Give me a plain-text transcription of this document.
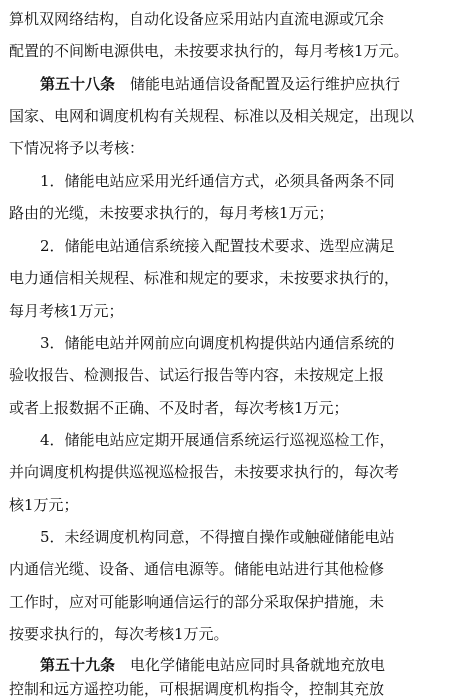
算机双网络结构，自动化设备应采用站内直流电源或冗余
配置的不间断电源供电，未按要求执行的，每月考核1万元。
第五十八条　 储能电站通信设备配置及运行维护应执行
国家、电网和调度机构有关规程、标准以及相关规定，出现以
下情况将予以考核：
1．储能电站应采用光纤通信方式，必须具备两条不同
路由的光缆，未按要求执行的，每月考核1万元；
2．储能电站通信系统接入配置技术要求、选型应满足
电力通信相关规程、标准和规定的要求，未按要求执行的，
每月考核1万元；
3．储能电站并网前应向调度机构提供站内通信系统的
验收报告、检测报告、试运行报告等内容，未按规定上报
或者上报数据不正确、不及时者，每次考核1万元；
4．储能电站应定期开展通信系统运行巡视巡检工作，
并向调度机构提供巡视巡检报告，未按要求执行的，每次考
核1万元；
5．未经调度机构同意，不得擅自操作或触碰储能电站
内通信光缆、设备、通信电源等。储能电站进行其他检修
工作时，应对可能影响通信运行的部分采取保护措施，未
按要求执行的，每次考核1万元。
第五十九条　 电化学储能电站应同时具备就地充放电
控制和远方遥控功能，可根据调度机构指令，控制其充放
